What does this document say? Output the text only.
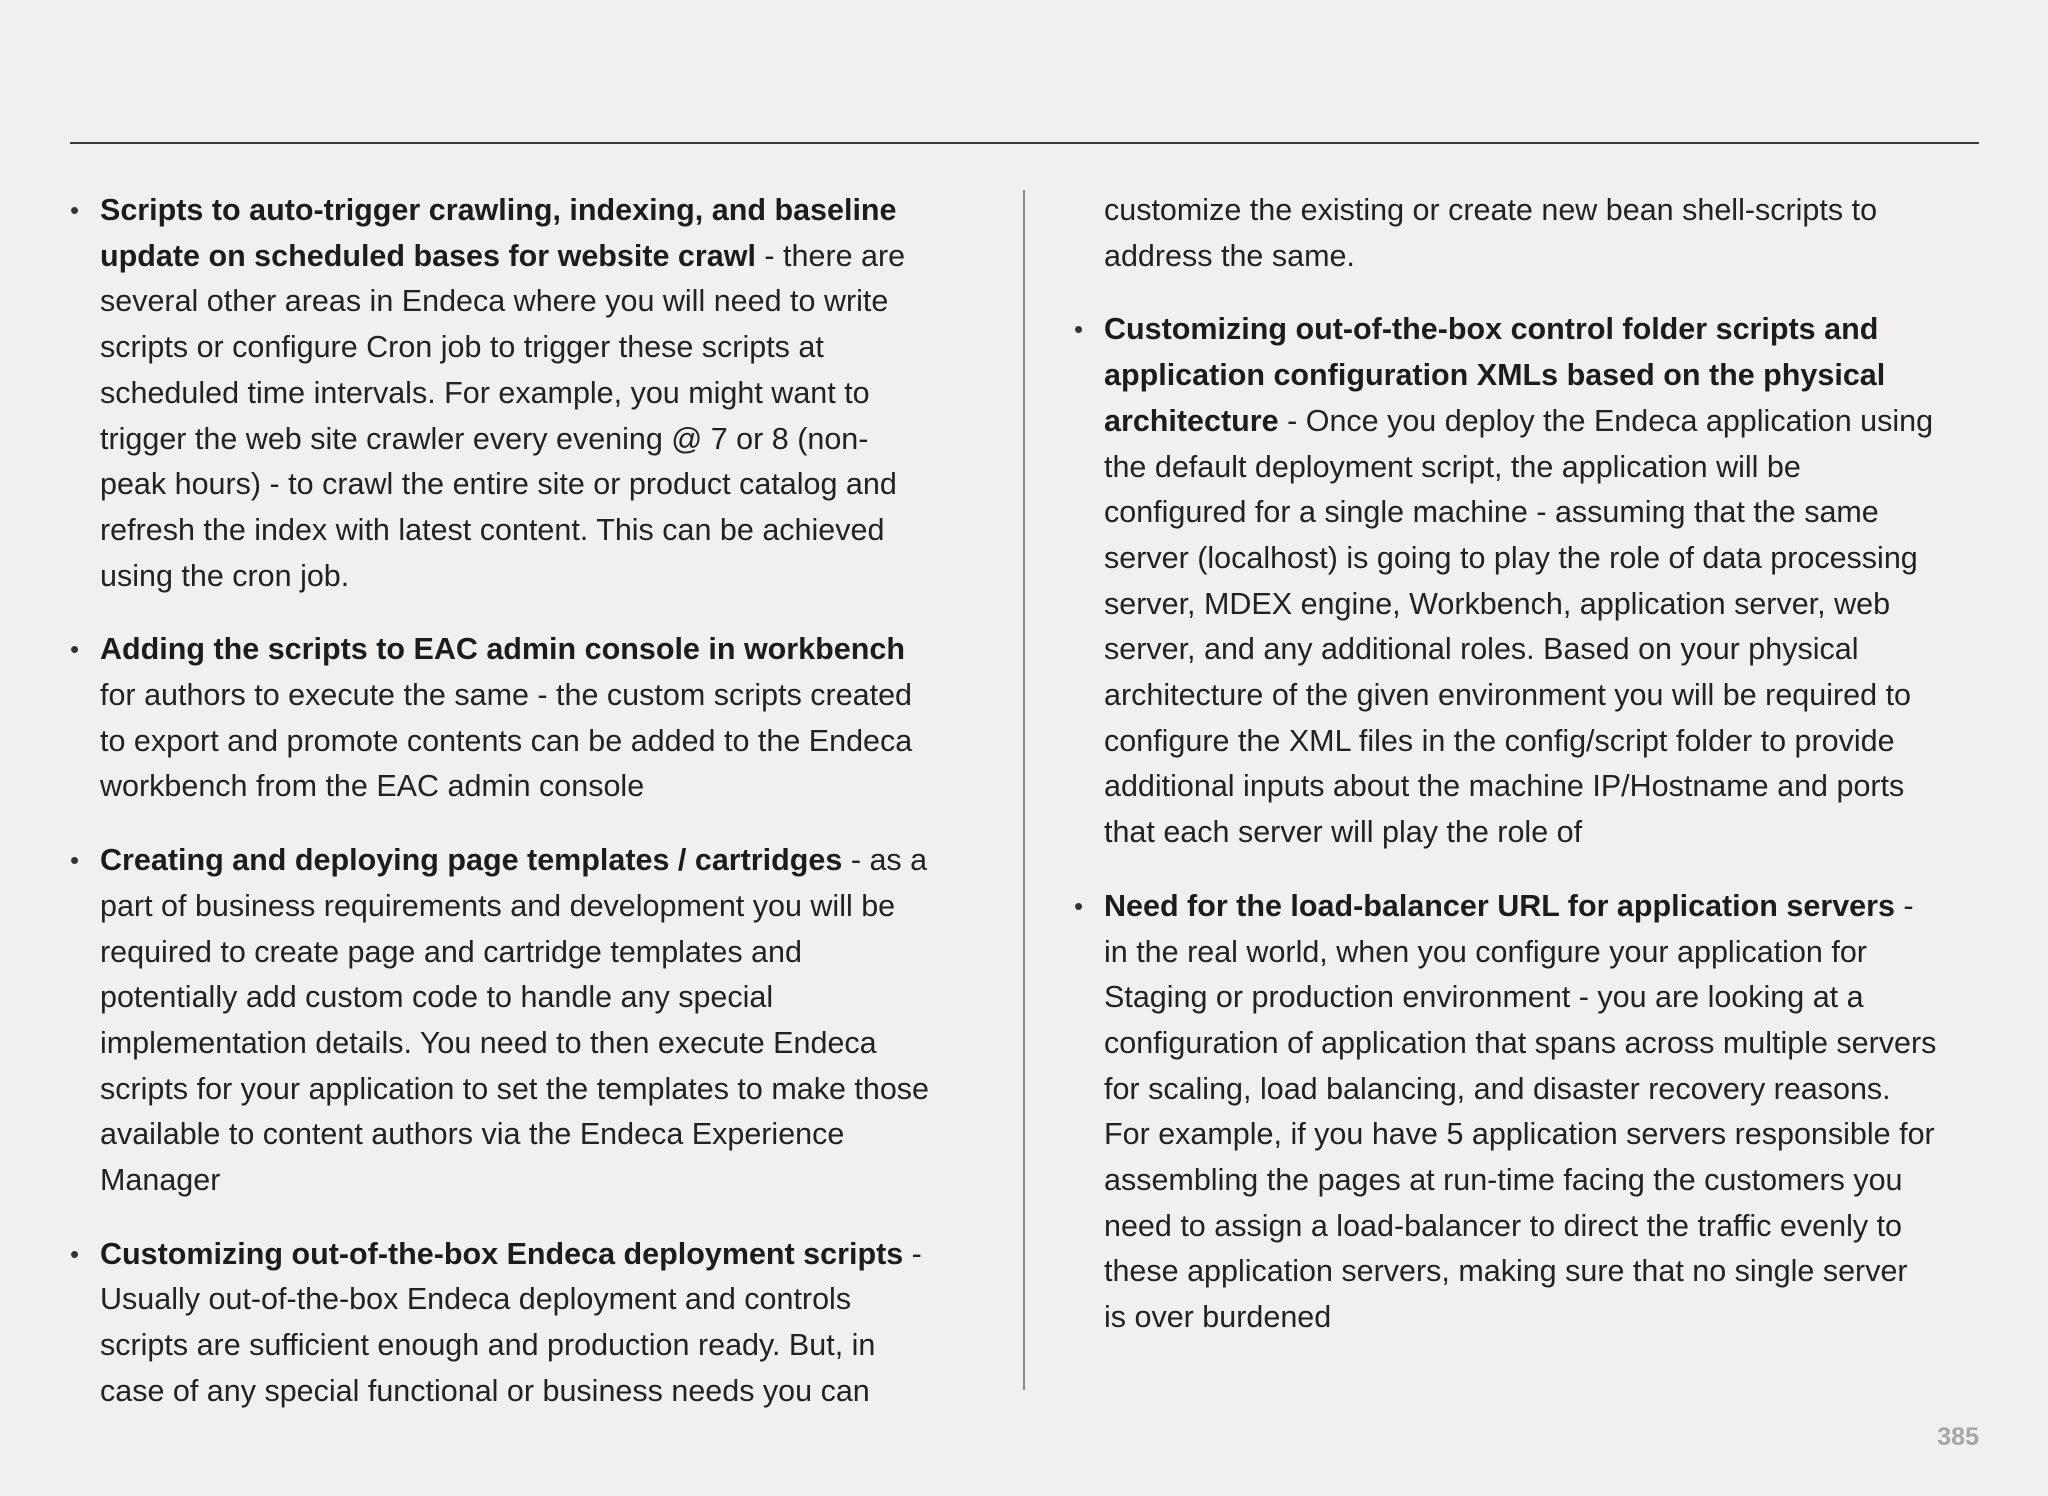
• Scripts to auto-trigger crawling, indexing, and baseline
update on scheduled bases for website crawl - there are
several other areas in Endeca where you will need to write
scripts or configure Cron job to trigger these scripts at
scheduled time intervals. For example, you might want to
trigger the web site crawler every evening @ 7 or 8 (non-
peak hours) - to crawl the entire site or product catalog and
refresh the index with latest content. This can be achieved
using the cron job.
• Adding the scripts to EAC admin console in workbench
for authors to execute the same - the custom scripts created
to export and promote contents can be added to the Endeca
workbench from the EAC admin console
• Creating and deploying page templates / cartridges - as a
part of business requirements and development you will be
required to create page and cartridge templates and
potentially add custom code to handle any special
implementation details. You need to then execute Endeca
scripts for your application to set the templates to make those
available to content authors via the Endeca Experience
Manager
• Customizing out-of-the-box Endeca deployment scripts -
Usually out-of-the-box Endeca deployment and controls
scripts are sufficient enough and production ready. But, in
case of any special functional or business needs you can
customize the existing or create new bean shell-scripts to
address the same.
• Customizing out-of-the-box control folder scripts and
application configuration XMLs based on the physical
architecture - Once you deploy the Endeca application using
the default deployment script, the application will be
configured for a single machine - assuming that the same
server (localhost) is going to play the role of data processing
server, MDEX engine, Workbench, application server, web
server, and any additional roles. Based on your physical
architecture of the given environment you will be required to
configure the XML files in the config/script folder to provide
additional inputs about the machine IP/Hostname and ports
that each server will play the role of
• Need for the load-balancer URL for application servers -
in the real world, when you configure your application for
Staging or production environment - you are looking at a
configuration of application that spans across multiple servers
for scaling, load balancing, and disaster recovery reasons.
For example, if you have 5 application servers responsible for
assembling the pages at run-time facing the customers you
need to assign a load-balancer to direct the traffic evenly to
these application servers, making sure that no single server
is over burdened
385
